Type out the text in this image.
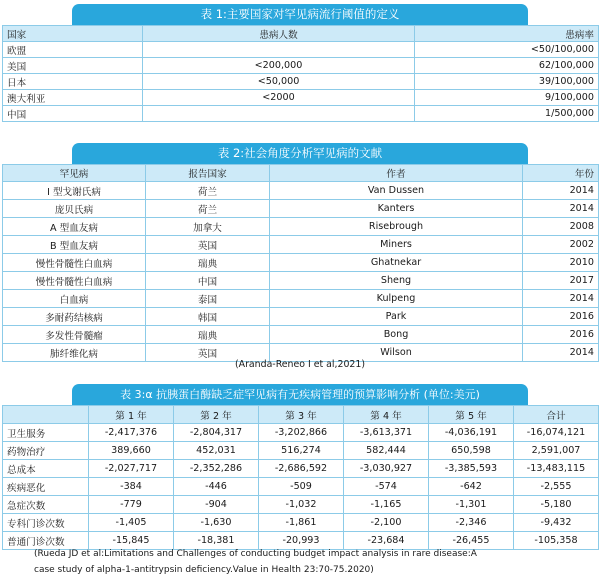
表 1:主要国家对罕见病流行阈值的定义
国家	患病人数	患病率
欧盟		<50/100,000
美国	<200,000	62/100,000
日本	<50,000	39/100,000
澳大利亚	<2000	9/100,000
中国		1/500,000
表 2:社会角度分析罕见病的文献
罕见病	报告国家	作者	年份
I 型戈谢氏病	荷兰	Van Dussen	2014
庞贝氏病	荷兰	Kanters	2014
A 型血友病	加拿大	Risebrough	2008
B 型血友病	英国	Miners	2002
慢性骨髓性白血病	瑞典	Ghatnekar	2010
慢性骨髓性白血病	中国	Sheng	2017
白血病	泰国	Kulpeng	2014
多耐药结核病	韩国	Park	2016
多发性骨髓瘤	瑞典	Bong	2016
肺纤维化病	英国	Wilson	2014
(Aranda-Reneo I et al,2021)
表 3:α 抗胰蛋白酶缺乏症罕见病有无疾病管理的预算影响分析 (单位:美元)
	第 1 年	第 2 年	第 3 年	第 4 年	第 5 年	合计
卫生服务	-2,417,376	-2,804,317	-3,202,866	-3,613,371	-4,036,191	-16,074,121
药物治疗	389,660	452,031	516,274	582,444	650,598	2,591,007
总成本	-2,027,717	-2,352,286	-2,686,592	-3,030,927	-3,385,593	-13,483,115
疾病恶化	-384	-446	-509	-574	-642	-2,555
急症次数	-779	-904	-1,032	-1,165	-1,301	-5,180
专科门诊次数	-1,405	-1,630	-1,861	-2,100	-2,346	-9,432
普通门诊次数	-15,845	-18,381	-20,993	-23,684	-26,455	-105,358
(Rueda JD et al:Limitations and Challenges of conducting budget impact analysis in rare disease:A
case study of alpha-1-antitrypsin deficiency.Value in Health 23:70-75.2020)
